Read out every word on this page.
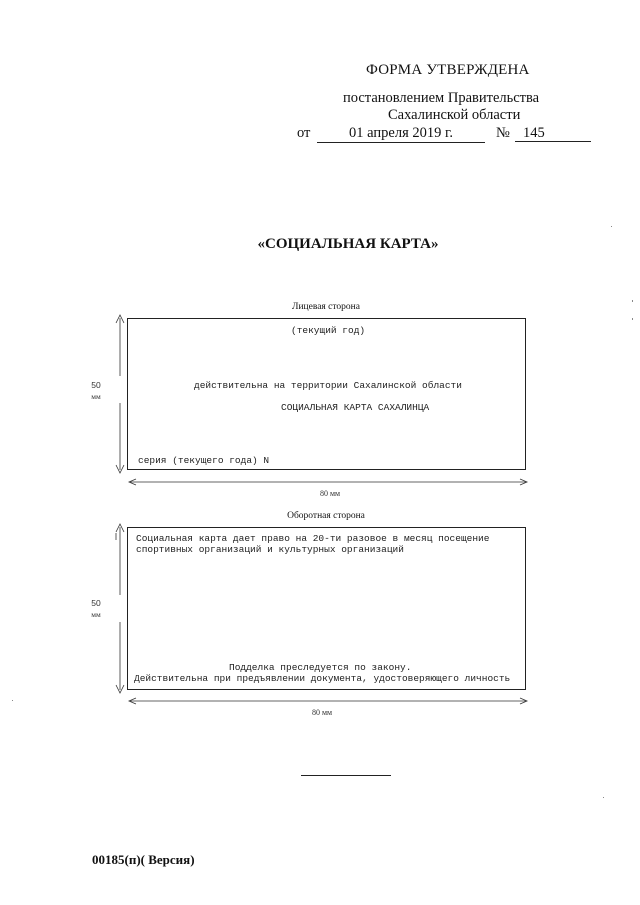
ФОРМА УТВЕРЖДЕНА
постановлением Правительства
Сахалинской области
от	01 апреля 2019 г.	№ 145
«СОЦИАЛЬНАЯ КАРТА»
Лицевая сторона
(текущий год)
действительна на территории Сахалинской области
СОЦИАЛЬНАЯ КАРТА САХАЛИНЦА
серия (текущего года) N
50
мм
80 мм
Оборотная сторона
Социальная карта дает право на 20-ти разовое в месяц посещение
спортивных организаций и культурных организаций
Подделка преследуется по закону.
Действительна при предъявлении документа, удостоверяющего личность
50
мм
80 мм
00185(п)( Версия)
